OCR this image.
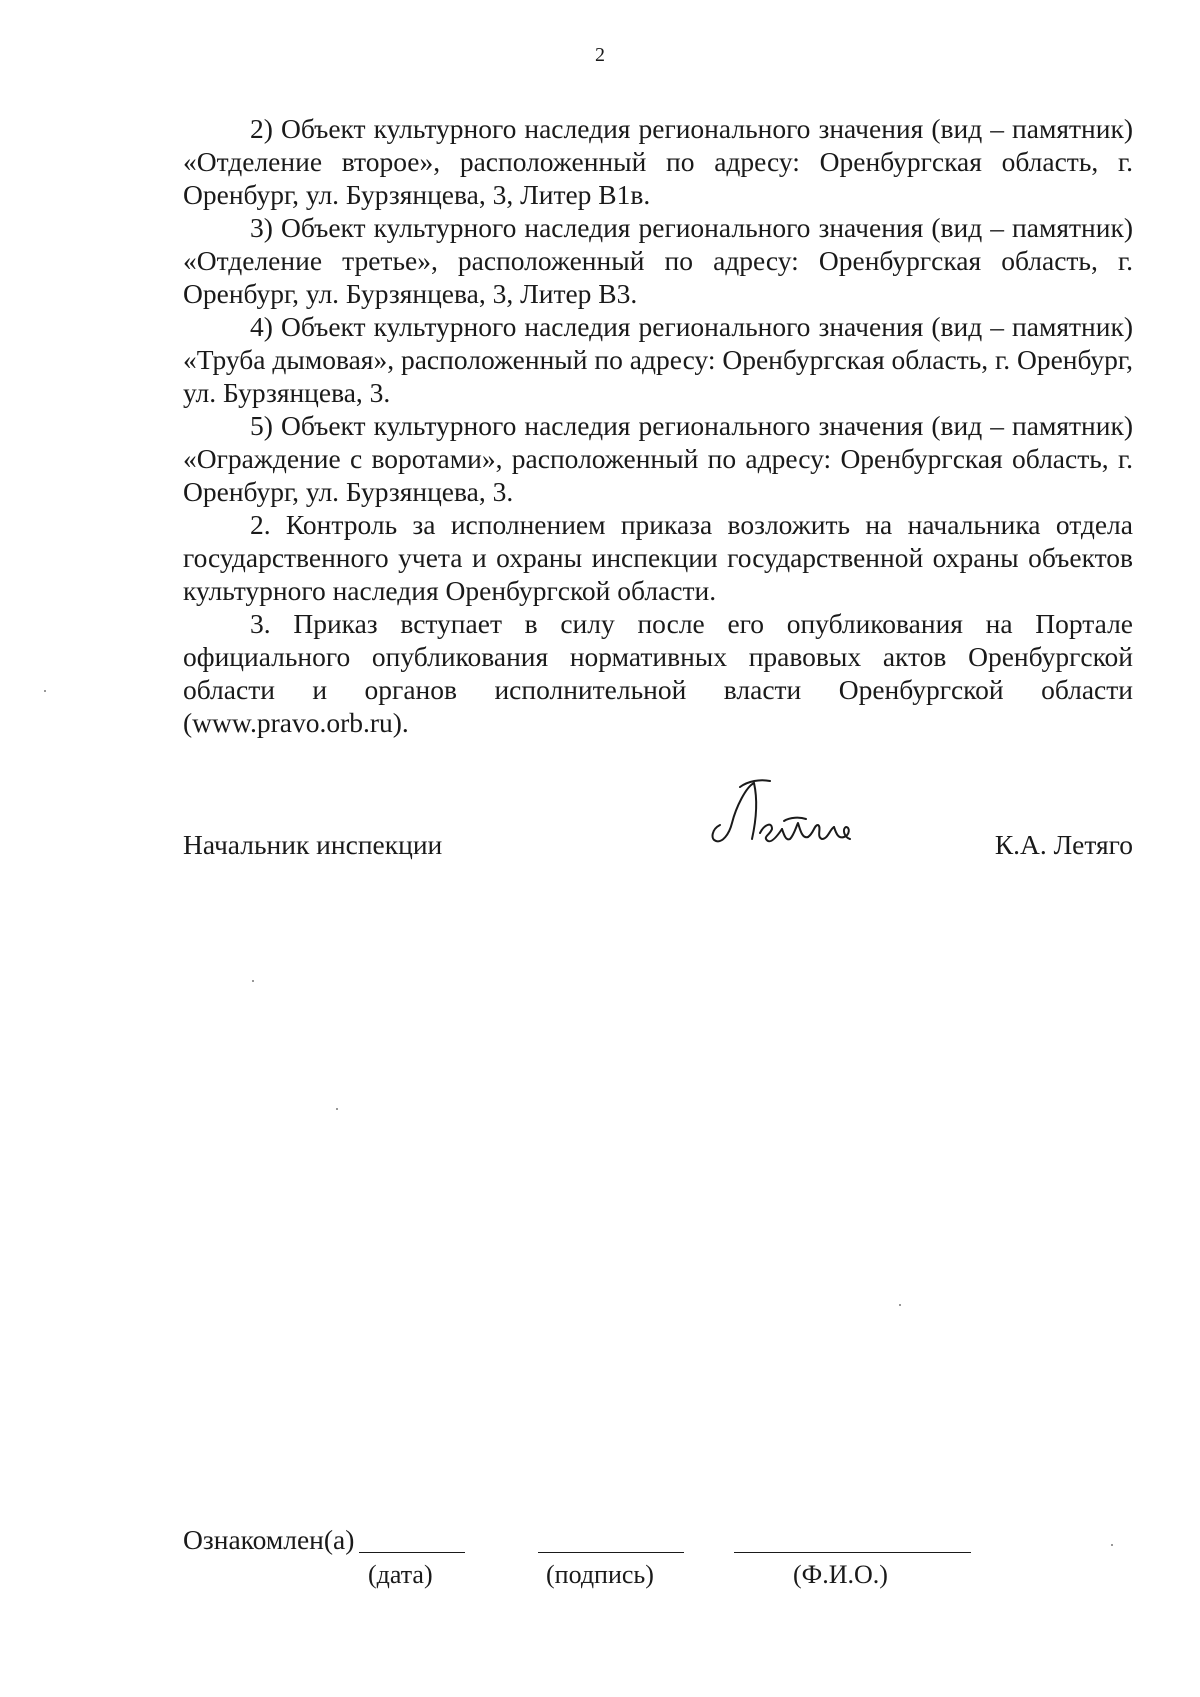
2

2) Объект культурного наследия регионального значения (вид – памятник) «Отделение второе», расположенный по адресу: Оренбургская область, г. Оренбург, ул. Бурзянцева, 3, Литер В1в.

3) Объект культурного наследия регионального значения (вид – памятник) «Отделение третье», расположенный по адресу: Оренбургская область, г. Оренбург, ул. Бурзянцева, 3, Литер В3.

4) Объект культурного наследия регионального значения (вид – памятник) «Труба дымовая», расположенный по адресу: Оренбургская область, г. Оренбург, ул. Бурзянцева, 3.

5) Объект культурного наследия регионального значения (вид – памятник) «Ограждение с воротами», расположенный по адресу: Оренбургская область, г. Оренбург, ул. Бурзянцева, 3.

2. Контроль за исполнением приказа возложить на начальника отдела государственного учета и охраны инспекции государственной охраны объектов культурного наследия Оренбургской области.

3. Приказ вступает в силу после его опубликования на Портале официального опубликования нормативных правовых актов Оренбургской области и органов исполнительной власти Оренбургской области (www.pravo.orb.ru).

Начальник инспекции	К.А. Летяго
Ознакомлен(а)
(дата)	(подпись)	(Ф.И.О.)
